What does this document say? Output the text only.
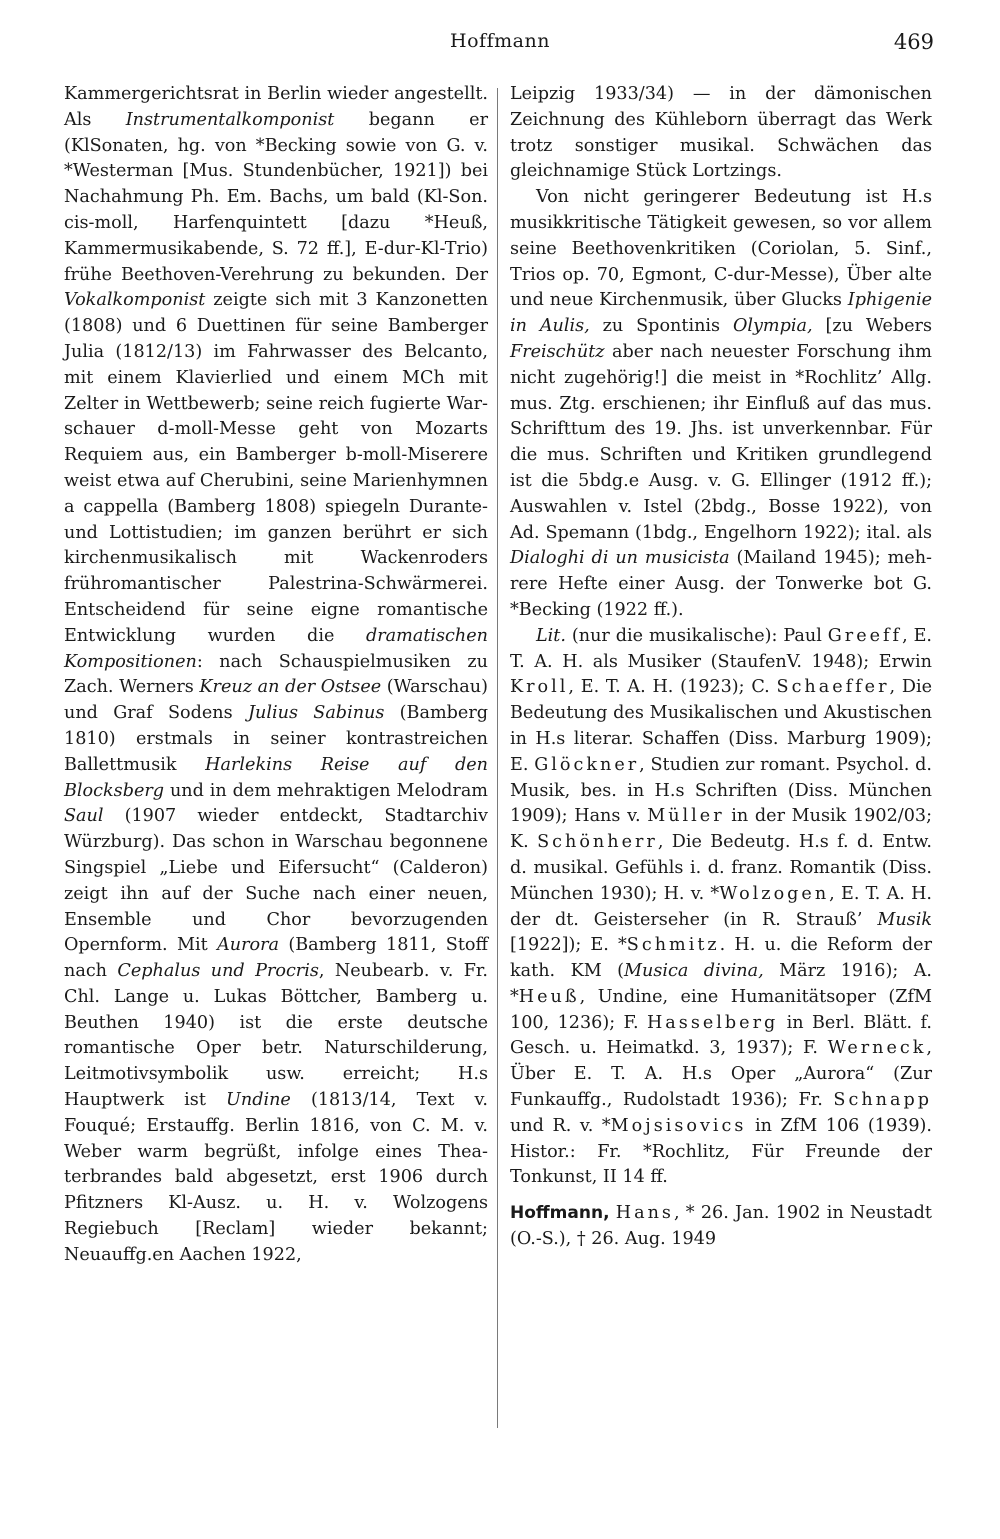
Hoffmann	469

Kammergerichtsrat in Berlin wieder angestellt. Als Instrumentalkomponist begann er (KlSonaten, hg. von *Becking sowie von G. v. *Westerman [Mus. Stundenbücher, 1921]) bei Nachahmung Ph. Em. Bachs, um bald (Kl-Son. cis-moll, Harfenquintett [dazu *Heuß, Kammermusikabende, S. 72 ff.], E-dur-Kl-Trio) frühe Beethoven-Verehrung zu bekunden. Der Vokalkomponist zeigte sich mit 3 Kanzonetten (1808) und 6 Duettinen für seine Bamberger Julia (1812/13) im Fahrwasser des Belcanto, mit einem Klavierlied und einem MCh mit Zelter in Wettbewerb; seine reich fugierte Warschauer d-moll-Messe geht von Mozarts Requiem aus, ein Bamberger b-moll-Miserere weist etwa auf Cherubini, seine Marienhymnen a cappella (Bamberg 1808) spiegeln Durante- und Lottistudien; im ganzen berührt er sich kirchenmusikalisch mit Wackenroders frühromantischer Palestrina-Schwärmerei. Entscheidend für seine eigne romantische Entwicklung wurden die dramatischen Kompositionen: nach Schauspielmusiken zu Zach. Werners Kreuz an der Ostsee (Warschau) und Graf Sodens Julius Sabinus (Bamberg 1810) erstmals in seiner kontrastreichen Ballettmusik Harlekins Reise auf den Blocksberg und in dem mehraktigen Melodram Saul (1907 wieder entdeckt, Stadtarchiv Würzburg). Das schon in Warschau begonnene Singspiel „Liebe und Eifersucht“ (Calderon) zeigt ihn auf der Suche nach einer neuen, Ensemble und Chor bevorzugenden Opernform. Mit Aurora (Bamberg 1811, Stoff nach Cephalus und Procris, Neubearb. v. Fr. Chl. Lange u. Lukas Böttcher, Bamberg u. Beuthen 1940) ist die erste deutsche romantische Oper betr. Naturschilderung, Leitmotivsymbolik usw. erreicht; H.s Hauptwerk ist Undine (1813/14, Text v. Fouqué; Erstauffg. Berlin 1816, von C. M. v. Weber warm begrüßt, infolge eines Theaterbrandes bald abgesetzt, erst 1906 durch Pfitzners Kl-Ausz. u. H. v. Wolzogens Regiebuch [Reclam] wieder bekannt; Neuauffg.en Aachen 1922,

Leipzig 1933/34) — in der dämonischen Zeichnung des Kühleborn überragt das Werk trotz sonstiger musikal. Schwächen das gleichnamige Stück Lortzings.

Von nicht geringerer Bedeutung ist H.s musikkritische Tätigkeit gewesen, so vor allem seine Beethovenkritiken (Coriolan, 5. Sinf., Trios op. 70, Egmont, C-dur-Messe), Über alte und neue Kirchenmusik, über Glucks Iphigenie in Aulis, zu Spontinis Olympia, [zu Webers Freischütz aber nach neuester Forschung ihm nicht zugehörig!] die meist in *Rochlitz’ Allg. mus. Ztg. erschienen; ihr Einfluß auf das mus. Schrifttum des 19. Jhs. ist unverkennbar. Für die mus. Schriften und Kritiken grundlegend ist die 5bdg.e Ausg. v. G. Ellinger (1912 ff.); Auswahlen v. Istel (2bdg., Bosse 1922), von Ad. Spemann (1bdg., Engelhorn 1922); ital. als Dialoghi di un musicista (Mailand 1945); mehrere Hefte einer Ausg. der Tonwerke bot G. *Becking (1922 ff.).

Lit. (nur die musikalische): Paul Greeff, E. T. A. H. als Musiker (StaufenV. 1948); Erwin Kroll, E. T. A. H. (1923); C. Schaeffer, Die Bedeutung des Musikalischen und Akustischen in H.s literar. Schaffen (Diss. Marburg 1909); E. Glöckner, Studien zur romant. Psychol. d. Musik, bes. in H.s Schriften (Diss. München 1909); Hans v. Müller in der Musik 1902/03; K. Schönherr, Die Bedeutg. H.s f. d. Entw. d. musikal. Gefühls i. d. franz. Romantik (Diss. München 1930); H. v. *Wolzogen, E. T. A. H. der dt. Geisterseher (in R. Strauß’ Musik [1922]); E. *Schmitz. H. u. die Reform der kath. KM (Musica divina, März 1916); A. *Heuß, Undine, eine Humanitätsoper (ZfM 100, 1236); F. Hasselberg in Berl. Blätt. f. Gesch. u. Heimatkd. 3, 1937); F. Werneck, Über E. T. A. H.s Oper „Aurora“ (Zur Funkauffg., Rudolstadt 1936); Fr. Schnapp und R. v. *Mojsisovics in ZfM 106 (1939). Histor.: Fr. *Rochlitz, Für Freunde der Tonkunst, II 14 ff.

Hoffmann, Hans, * 26. Jan. 1902 in Neustadt (O.-S.), † 26. Aug. 1949
